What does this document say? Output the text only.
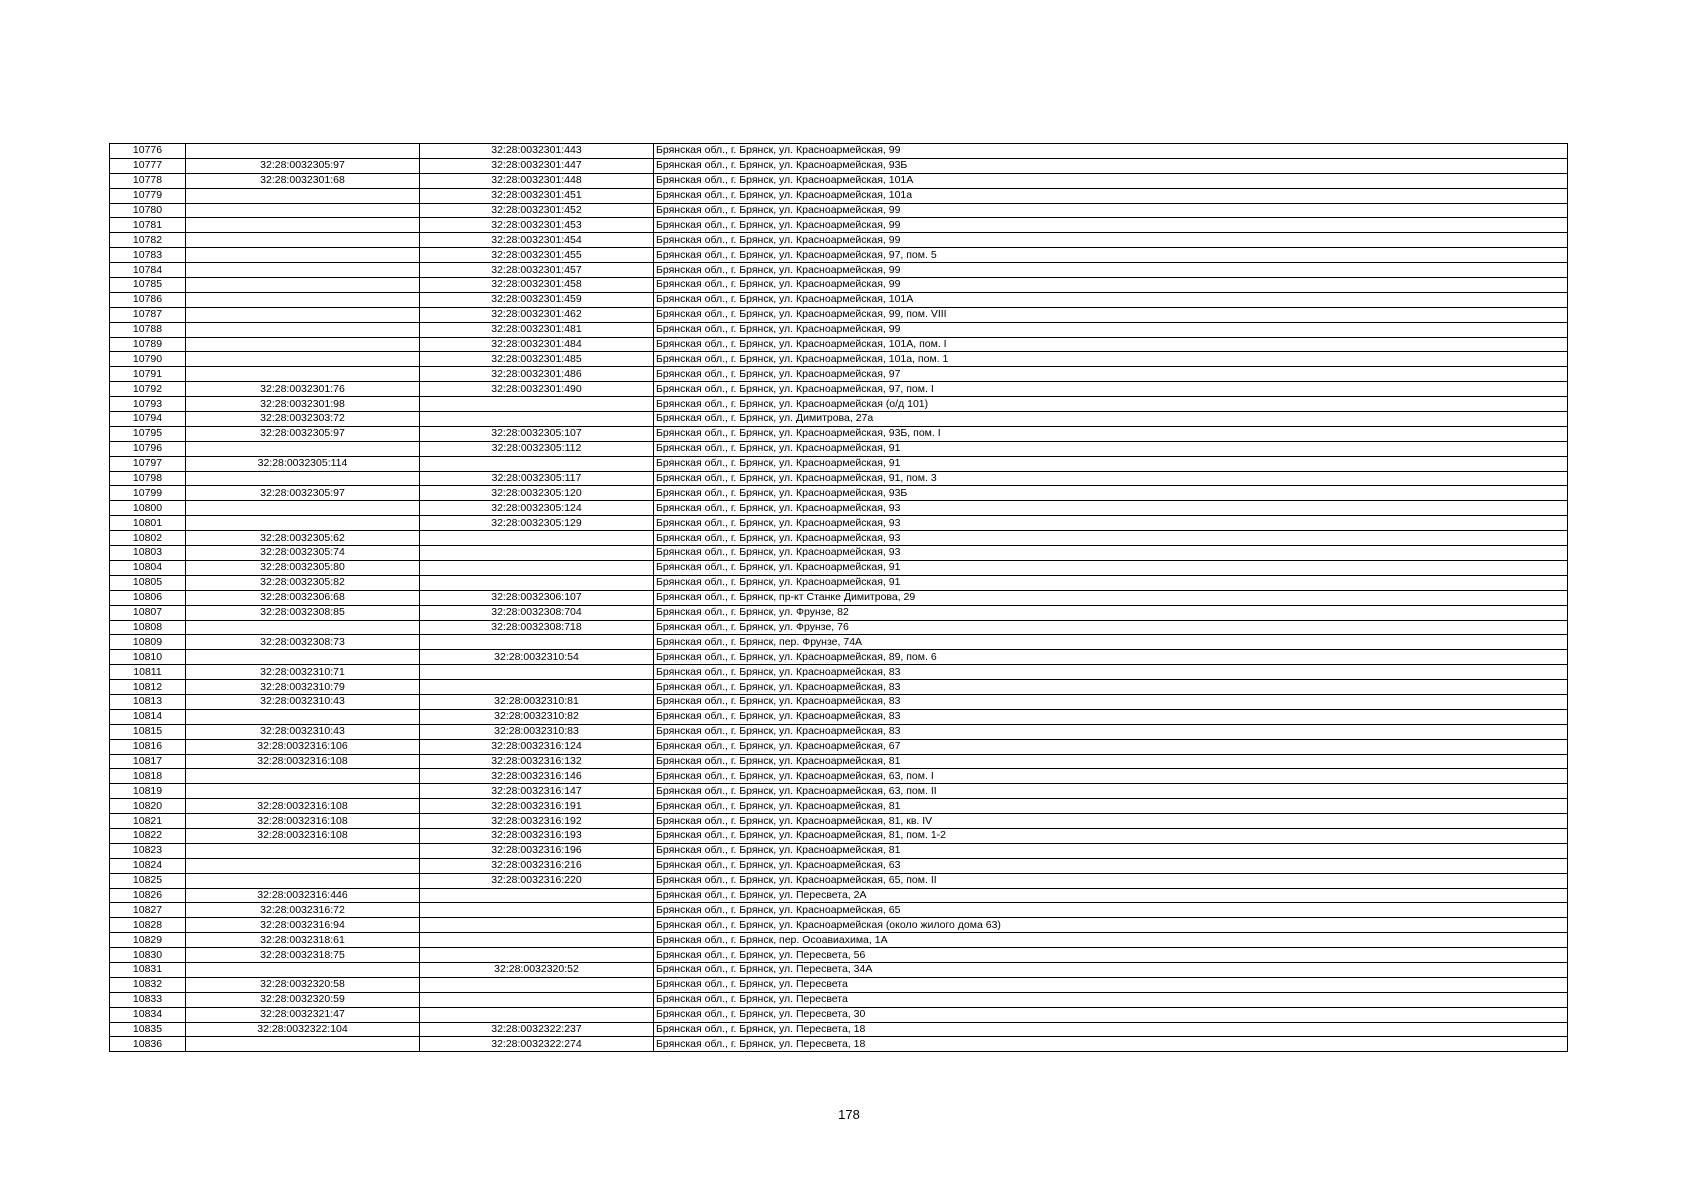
10776		32:28:0032301:443	Брянская обл., г. Брянск, ул. Красноармейская, 99
10777	32:28:0032305:97	32:28:0032301:447	Брянская обл., г. Брянск, ул. Красноармейская, 93Б
10778	32:28:0032301:68	32:28:0032301:448	Брянская обл., г. Брянск, ул. Красноармейская, 101А
10779		32:28:0032301:451	Брянская обл., г. Брянск, ул. Красноармейская, 101а
10780		32:28:0032301:452	Брянская обл., г. Брянск, ул. Красноармейская, 99
10781		32:28:0032301:453	Брянская обл., г. Брянск, ул. Красноармейская, 99
10782		32:28:0032301:454	Брянская обл., г. Брянск, ул. Красноармейская, 99
10783		32:28:0032301:455	Брянская обл., г. Брянск, ул. Красноармейская, 97, пом. 5
10784		32:28:0032301:457	Брянская обл., г. Брянск, ул. Красноармейская, 99
10785		32:28:0032301:458	Брянская обл., г. Брянск, ул. Красноармейская, 99
10786		32:28:0032301:459	Брянская обл., г. Брянск, ул. Красноармейская, 101А
10787		32:28:0032301:462	Брянская обл., г. Брянск, ул. Красноармейская, 99, пом. VIII
10788		32:28:0032301:481	Брянская обл., г. Брянск, ул. Красноармейская, 99
10789		32:28:0032301:484	Брянская обл., г. Брянск, ул. Красноармейская, 101А, пом. I
10790		32:28:0032301:485	Брянская обл., г. Брянск, ул. Красноармейская, 101а, пом. 1
10791		32:28:0032301:486	Брянская обл., г. Брянск, ул. Красноармейская, 97
10792	32:28:0032301:76	32:28:0032301:490	Брянская обл., г. Брянск, ул. Красноармейская, 97, пом. I
10793	32:28:0032301:98		Брянская обл., г. Брянск, ул. Красноармейская (о/д 101)
10794	32:28:0032303:72		Брянская обл., г. Брянск, ул. Димитрова, 27а
10795	32:28:0032305:97	32:28:0032305:107	Брянская обл., г. Брянск, ул. Красноармейская, 93Б, пом. I
10796		32:28:0032305:112	Брянская обл., г. Брянск, ул. Красноармейская, 91
10797	32:28:0032305:114		Брянская обл., г. Брянск, ул. Красноармейская, 91
10798		32:28:0032305:117	Брянская обл., г. Брянск, ул. Красноармейская, 91, пом. 3
10799	32:28:0032305:97	32:28:0032305:120	Брянская обл., г. Брянск, ул. Красноармейская, 93Б
10800		32:28:0032305:124	Брянская обл., г. Брянск, ул. Красноармейская, 93
10801		32:28:0032305:129	Брянская обл., г. Брянск, ул. Красноармейская, 93
10802	32:28:0032305:62		Брянская обл., г. Брянск, ул. Красноармейская, 93
10803	32:28:0032305:74		Брянская обл., г. Брянск, ул. Красноармейская, 93
10804	32:28:0032305:80		Брянская обл., г. Брянск, ул. Красноармейская, 91
10805	32:28:0032305:82		Брянская обл., г. Брянск, ул. Красноармейская, 91
10806	32:28:0032306:68	32:28:0032306:107	Брянская обл., г. Брянск, пр-кт Станке Димитрова, 29
10807	32:28:0032308:85	32:28:0032308:704	Брянская обл., г. Брянск, ул. Фрунзе, 82
10808		32:28:0032308:718	Брянская обл., г. Брянск, ул. Фрунзе, 76
10809	32:28:0032308:73		Брянская обл., г. Брянск, пер. Фрунзе, 74А
10810		32:28:0032310:54	Брянская обл., г. Брянск, ул. Красноармейская, 89, пом. 6
10811	32:28:0032310:71		Брянская обл., г. Брянск, ул. Красноармейская, 83
10812	32:28:0032310:79		Брянская обл., г. Брянск, ул. Красноармейская, 83
10813	32:28:0032310:43	32:28:0032310:81	Брянская обл., г. Брянск, ул. Красноармейская, 83
10814		32:28:0032310:82	Брянская обл., г. Брянск, ул. Красноармейская, 83
10815	32:28:0032310:43	32:28:0032310:83	Брянская обл., г. Брянск, ул. Красноармейская, 83
10816	32:28:0032316:106	32:28:0032316:124	Брянская обл., г. Брянск, ул. Красноармейская, 67
10817	32:28:0032316:108	32:28:0032316:132	Брянская обл., г. Брянск, ул. Красноармейская, 81
10818		32:28:0032316:146	Брянская обл., г. Брянск, ул. Красноармейская, 63, пом. I
10819		32:28:0032316:147	Брянская обл., г. Брянск, ул. Красноармейская, 63, пом. II
10820	32:28:0032316:108	32:28:0032316:191	Брянская обл., г. Брянск, ул. Красноармейская, 81
10821	32:28:0032316:108	32:28:0032316:192	Брянская обл., г. Брянск, ул. Красноармейская, 81, кв. IV
10822	32:28:0032316:108	32:28:0032316:193	Брянская обл., г. Брянск, ул. Красноармейская, 81, пом. 1-2
10823		32:28:0032316:196	Брянская обл., г. Брянск, ул. Красноармейская, 81
10824		32:28:0032316:216	Брянская обл., г. Брянск, ул. Красноармейская, 63
10825		32:28:0032316:220	Брянская обл., г. Брянск, ул. Красноармейская, 65, пом. II
10826	32:28:0032316:446		Брянская обл., г. Брянск, ул. Пересвета, 2А
10827	32:28:0032316:72		Брянская обл., г. Брянск, ул. Красноармейская, 65
10828	32:28:0032316:94		Брянская обл., г. Брянск, ул. Красноармейская (около жилого дома 63)
10829	32:28:0032318:61		Брянская обл., г. Брянск, пер. Осоавиахима, 1А
10830	32:28:0032318:75		Брянская обл., г. Брянск, ул. Пересвета, 56
10831		32:28:0032320:52	Брянская обл., г. Брянск, ул. Пересвета, 34А
10832	32:28:0032320:58		Брянская обл., г. Брянск, ул. Пересвета
10833	32:28:0032320:59		Брянская обл., г. Брянск, ул. Пересвета
10834	32:28:0032321:47		Брянская обл., г. Брянск, ул. Пересвета, 30
10835	32:28:0032322:104	32:28:0032322:237	Брянская обл., г. Брянск, ул. Пересвета, 18
10836		32:28:0032322:274	Брянская обл., г. Брянск, ул. Пересвета, 18
178
